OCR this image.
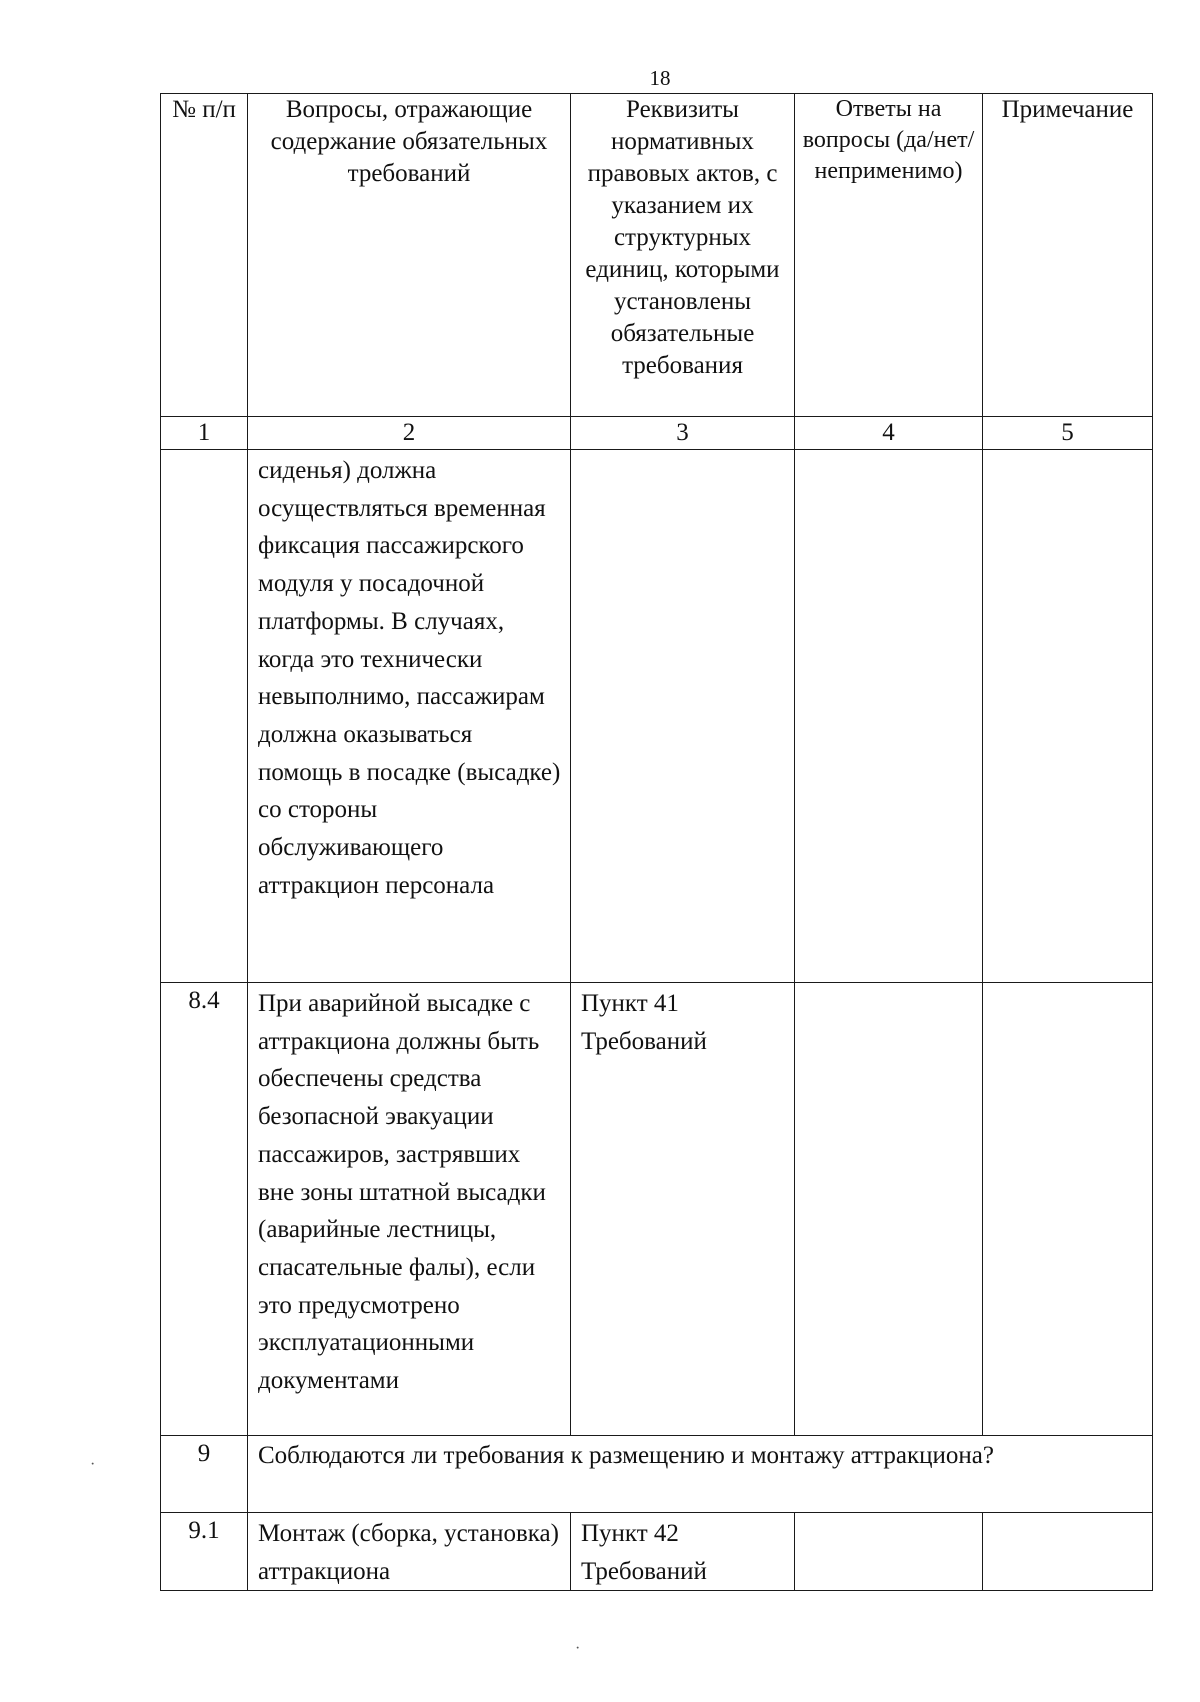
18
№ п/п	Вопросы, отражающие содержание обязательных требований	Реквизиты нормативных правовых актов, с указанием их структурных единиц, которыми установлены обязательные требования	Ответы на вопросы (да/нет/ неприменимо)	Примечание
1	2	3	4	5
	сиденья) должна осуществляться временная фиксация пассажирского модуля у посадочной платформы. В случаях, когда это технически невыполнимо, пассажирам должна оказываться помощь в посадке (высадке) со стороны обслуживающего аттракцион персонала			
8.4	При аварийной высадке с аттракциона должны быть обеспечены средства безопасной эвакуации пассажиров, застрявших вне зоны штатной высадки (аварийные лестницы, спасательные фалы), если это предусмотрено эксплуатационными документами	Пункт 41 Требований		
9	Соблюдаются ли требования к размещению и монтажу аттракциона?			
9.1	Монтаж (сборка, установка) аттракциона	Пункт 42 Требований		
·
·
